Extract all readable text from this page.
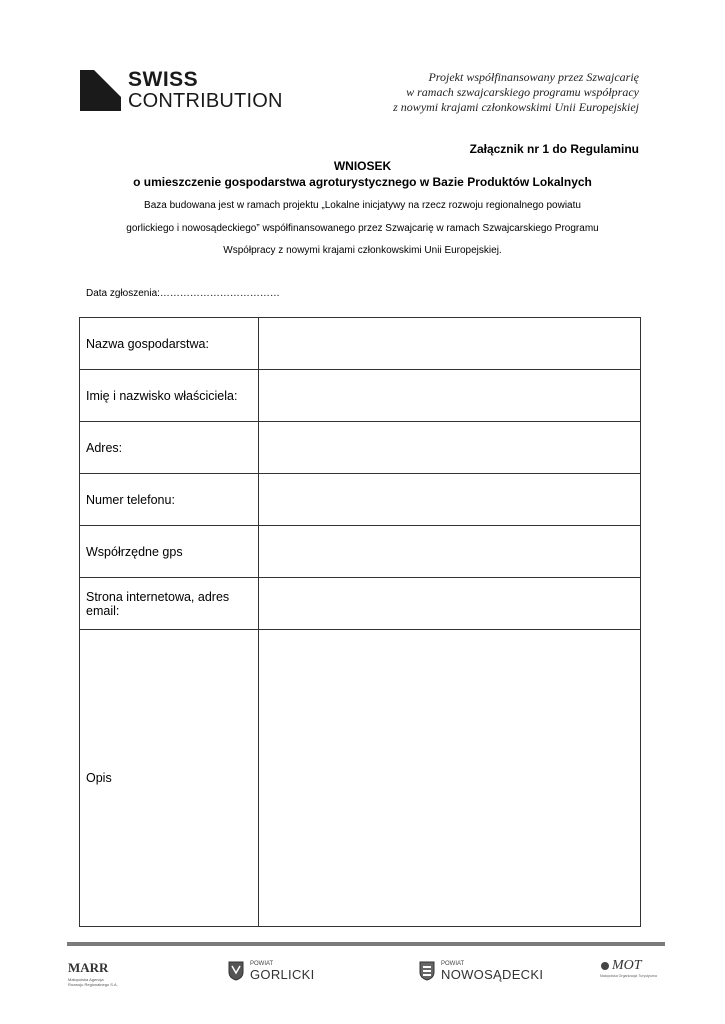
SWISS
CONTRIBUTION
Projekt współfinansowany przez Szwajcarię
w ramach szwajcarskiego programu współpracy
z nowymi krajami członkowskimi Unii Europejskiej
Załącznik nr 1 do Regulaminu
WNIOSEK
o umieszczenie gospodarstwa agroturystycznego w Bazie Produktów Lokalnych
Baza budowana jest w ramach projektu „Lokalne inicjatywy na rzecz rozwoju regionalnego powiatu
gorlickiego i nowosądeckiego” współfinansowanego przez Szwajcarię w ramach Szwajcarskiego Programu
Współpracy z nowymi krajami członkowskimi Unii Europejskiej.
Data zgłoszenia:………………………………
Nazwa gospodarstwa:	
Imię i nazwisko właściciela:	
Adres:	
Numer telefonu:	
Współrzędne gps	
Strona internetowa, adres email:	
Opis	
MARR
Małopolska Agencja Rozwoju Regionalnego S.A.
POWIAT
GORLICKI
POWIAT
NOWOSĄDECKI
MOT
Małopolska Organizacja Turystyczna
